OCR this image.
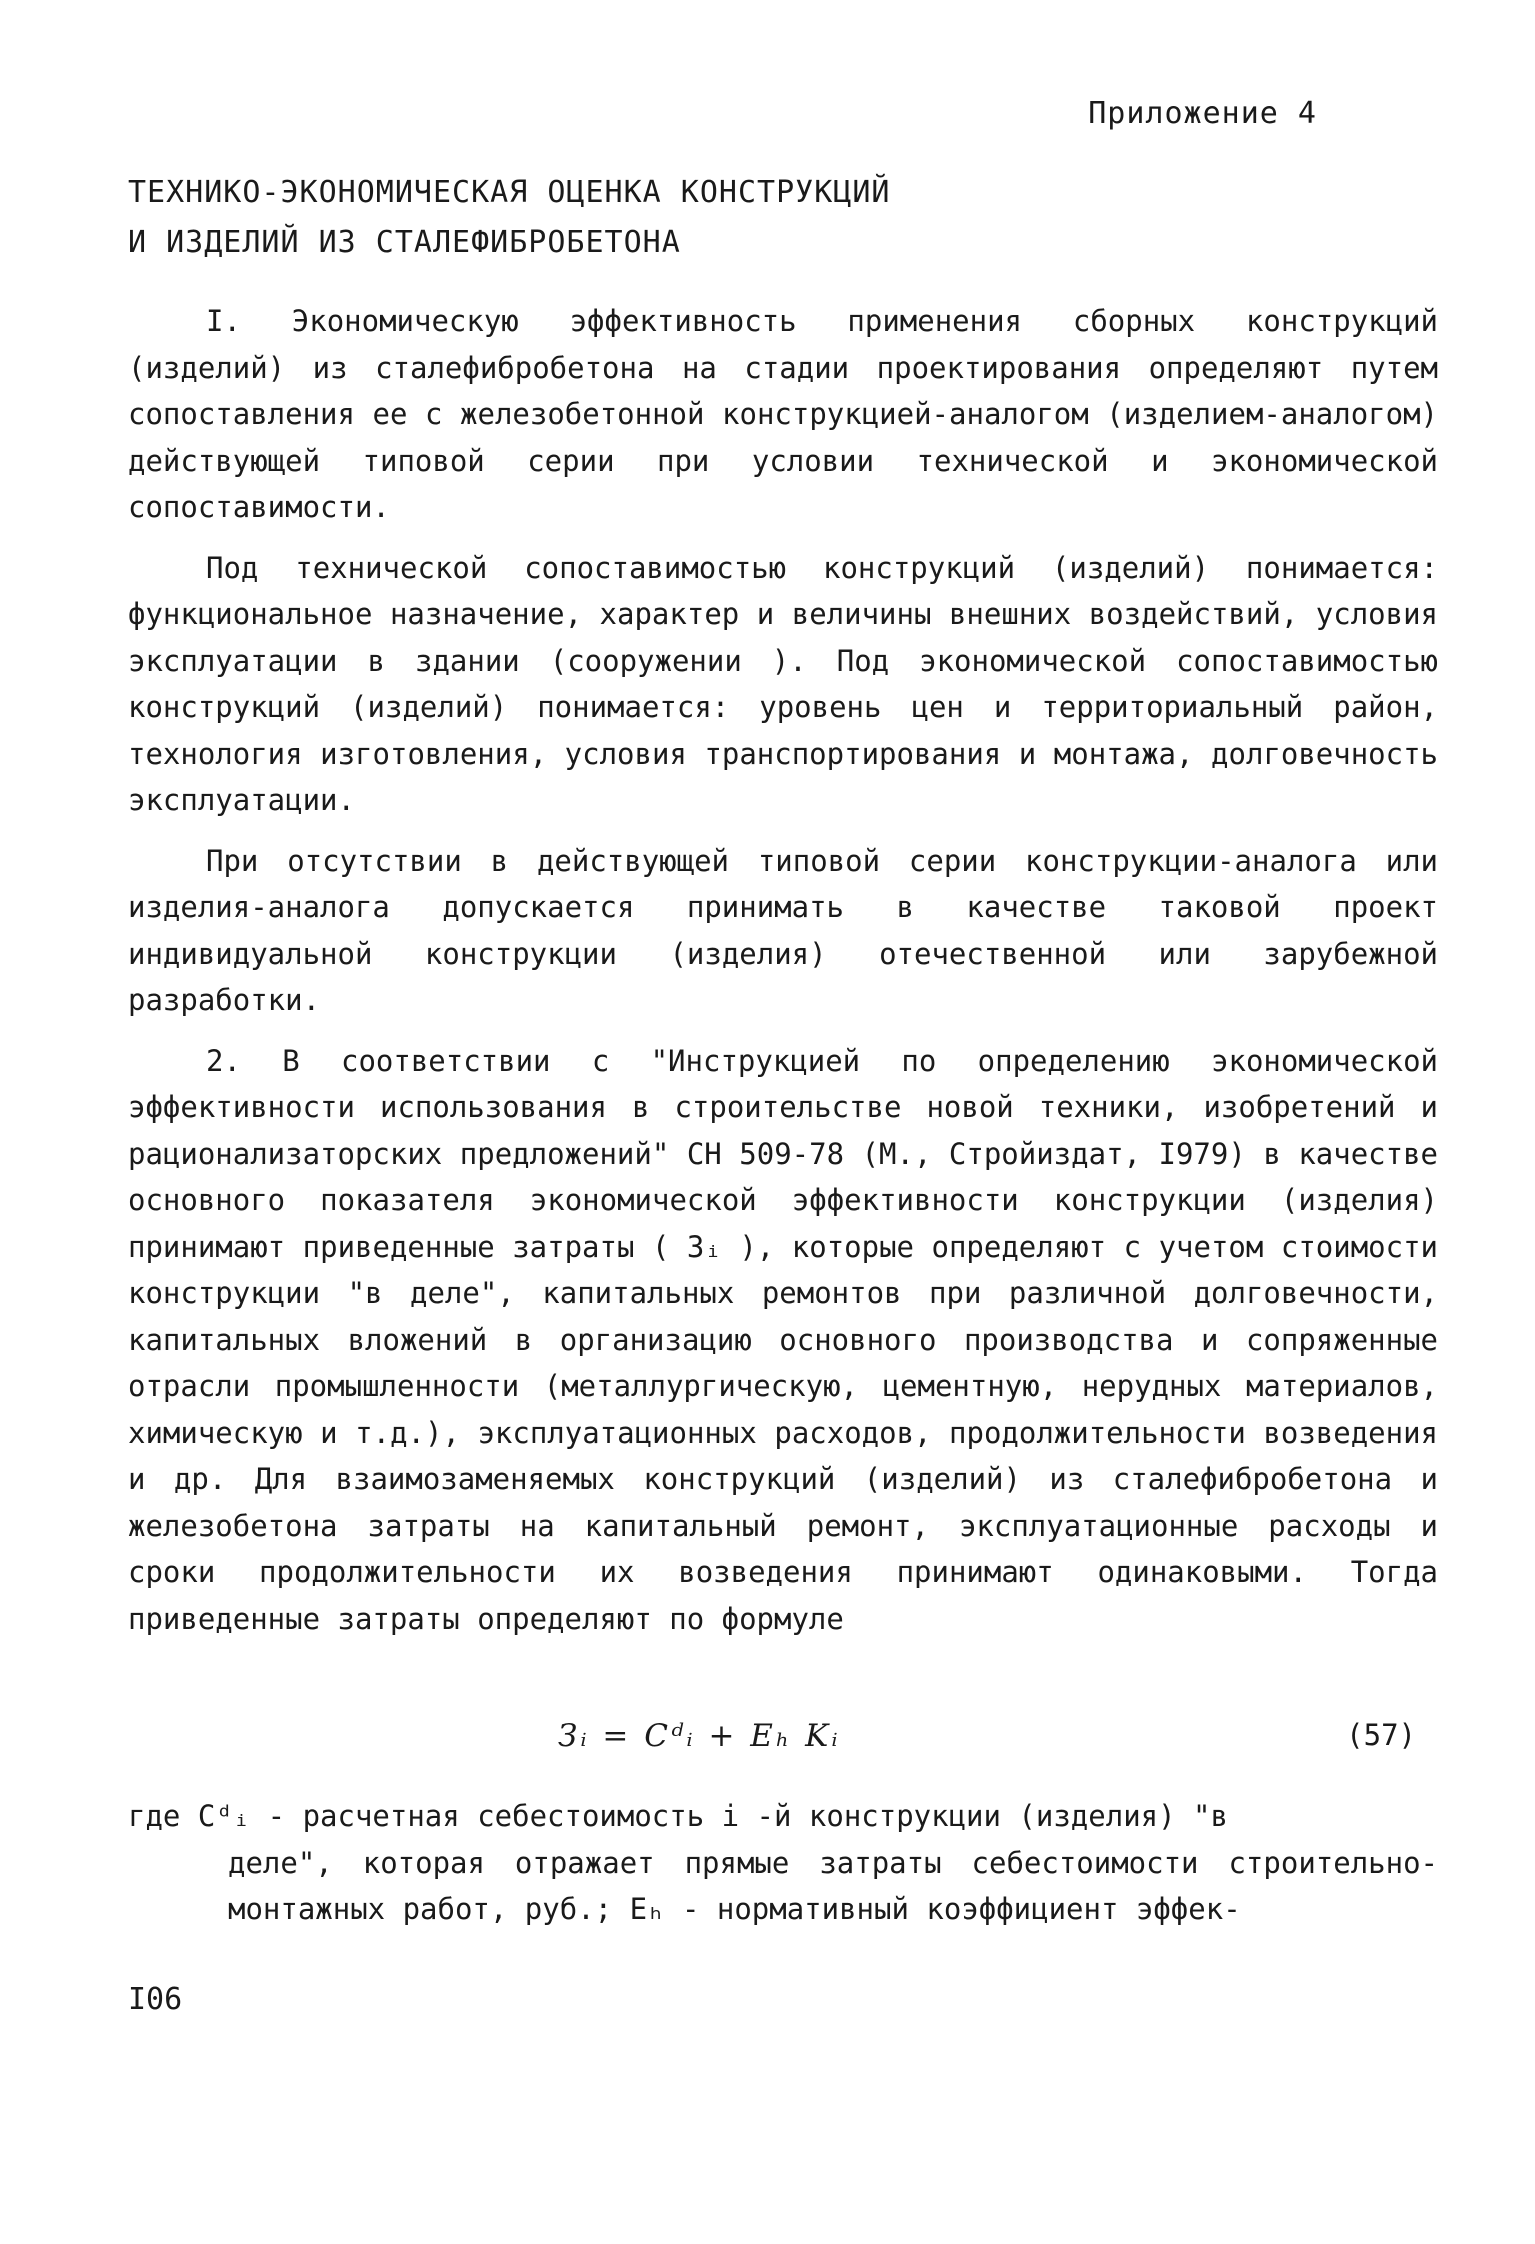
Приложение 4
ТЕХНИКО-ЭКОНОМИЧЕСКАЯ ОЦЕНКА КОНСТРУКЦИЙ
И ИЗДЕЛИЙ ИЗ СТАЛЕФИБРОБЕТОНА

I. Экономическую эффективность применения сборных конструкций (изделий) из сталефибробетона на стадии проектирования определяют путем сопоставления ее с железобетонной конструкцией-аналогом (изделием-аналогом) действующей типовой серии при условии технической и экономической сопоставимости.

Под технической сопоставимостью конструкций (изделий) понимается: функциональное назначение, характер и величины внешних воздействий, условия эксплуатации в здании (сооружении ). Под экономической сопоставимостью конструкций (изделий) понимается: уровень цен и территориальный район, технология изготовления, условия транспортирования и монтажа, долговечность эксплуатации.

При отсутствии в действующей типовой серии конструкции-аналога или изделия-аналога допускается принимать в качестве таковой проект индивидуальной конструкции (изделия) отечественной или зарубежной разработки.

2. В соответствии с "Инструкцией по определению экономической эффективности использования в строительстве новой техники, изобретений и рационализаторских предложений" СН 509-78 (М., Стройиздат, I979) в качестве основного показателя экономической эффективности конструкции (изделия) принимают приведенные затраты ( Зᵢ ), которые определяют с учетом стоимости конструкции "в деле", капитальных ремонтов при различной долговечности, капитальных вложений в организацию основного производства и сопряженные отрасли промышленности (металлургическую, цементную, нерудных материалов, химическую и т.д.), эксплуатационных расходов, продолжительности возведения и др. Для взаимозаменяемых конструкций (изделий) из сталефибробетона и железобетона затраты на капитальный ремонт, эксплуатационные расходы и сроки продолжительности их возведения принимают одинаковыми. Тогда приведенные затраты определяют по формуле

Зᵢ = Cᵈᵢ + Eₕ Kᵢ	(57)
где Cᵈᵢ - расчетная себестоимость i -й конструкции (изделия) "в
деле", которая отражает прямые затраты себестоимости строительно-монтажных работ, руб.; Eₕ - нормативный коэффициент эффек-
I06
